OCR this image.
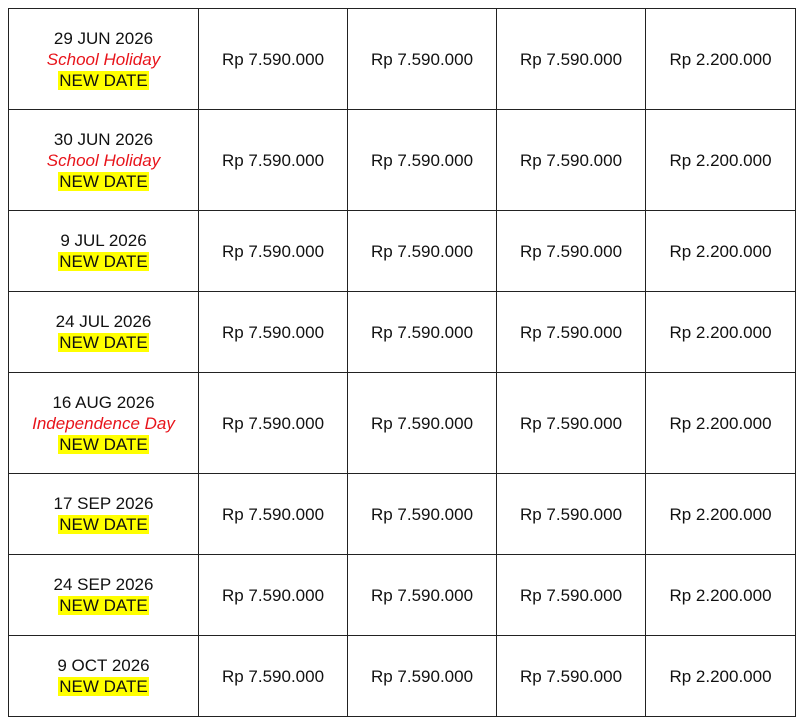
29 JUN 2026
School Holiday
NEW DATE	Rp 7.590.000	Rp 7.590.000	Rp 7.590.000	Rp 2.200.000

30 JUN 2026
School Holiday
NEW DATE	Rp 7.590.000	Rp 7.590.000	Rp 7.590.000	Rp 2.200.000

9 JUL 2026
NEW DATE	Rp 7.590.000	Rp 7.590.000	Rp 7.590.000	Rp 2.200.000

24 JUL 2026
NEW DATE	Rp 7.590.000	Rp 7.590.000	Rp 7.590.000	Rp 2.200.000

16 AUG 2026
Independence Day
NEW DATE	Rp 7.590.000	Rp 7.590.000	Rp 7.590.000	Rp 2.200.000

17 SEP 2026
NEW DATE	Rp 7.590.000	Rp 7.590.000	Rp 7.590.000	Rp 2.200.000

24 SEP 2026
NEW DATE	Rp 7.590.000	Rp 7.590.000	Rp 7.590.000	Rp 2.200.000

9 OCT 2026
NEW DATE	Rp 7.590.000	Rp 7.590.000	Rp 7.590.000	Rp 2.200.000
